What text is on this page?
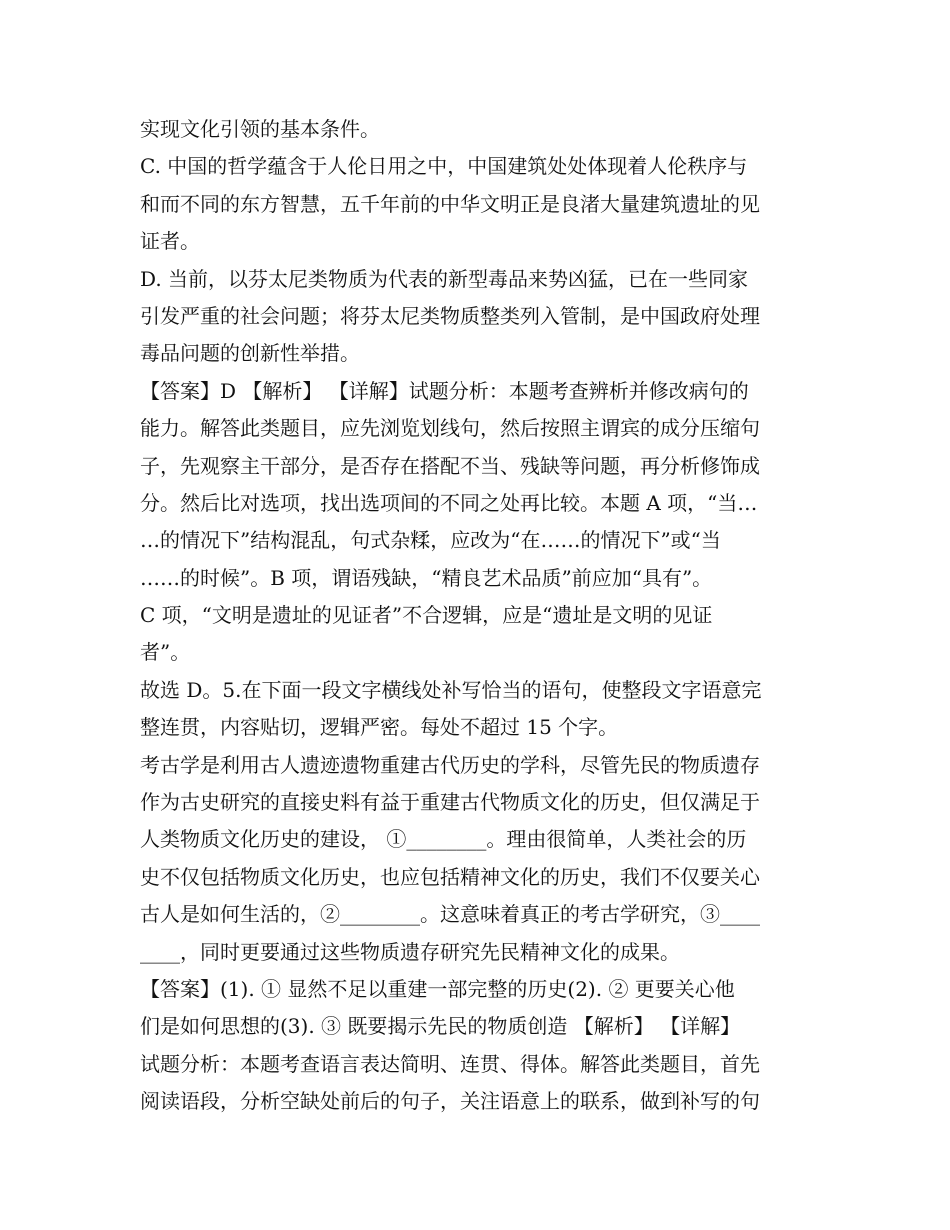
实现文化引领的基本条件。
C. 中国的哲学蕴含于人伦日用之中，中国建筑处处体现着人伦秩序与
和而不同的东方智慧，五千年前的中华文明正是良渚大量建筑遗址的见
证者。
D. 当前，以芬太尼类物质为代表的新型毒品来势凶猛，已在一些同家
引发严重的社会问题；将芬太尼类物质整类列入管制，是中国政府处理
毒品问题的创新性举措。
【答案】D 【解析】 【详解】试题分析：本题考查辨析并修改病句的
能力。解答此类题目，应先浏览划线句，然后按照主谓宾的成分压缩句
子，先观察主干部分，是否存在搭配不当、残缺等问题，再分析修饰成
分。然后比对选项，找出选项间的不同之处再比较。本题 A 项，“当…
…的情况下”结构混乱，句式杂糅，应改为“在……的情况下”或“当
……的时候”。B 项，谓语残缺，“精良艺术品质”前应加“具有”。
C 项，“文明是遗址的见证者”不合逻辑，应是“遗址是文明的见证
者”。
故选 D。5.在下面一段文字横线处补写恰当的语句，使整段文字语意完
整连贯，内容贴切，逻辑严密。每处不超过 15 个字。
考古学是利用古人遗迹遗物重建古代历史的学科，尽管先民的物质遗存
作为古史研究的直接史料有益于重建古代物质文化的历史，但仅满足于
人类物质文化历史的建设， ①________。理由很简单，人类社会的历
史不仅包括物质文化历史，也应包括精神文化的历史，我们不仅要关心
古人是如何生活的，②________。这意味着真正的考古学研究，③____
____，同时更要通过这些物质遗存研究先民精神文化的成果。
【答案】(1). ① 显然不足以重建一部完整的历史(2). ② 更要关心他
们是如何思想的(3). ③ 既要揭示先民的物质创造 【解析】 【详解】
试题分析：本题考查语言表达简明、连贯、得体。解答此类题目，首先
阅读语段，分析空缺处前后的句子，关注语意上的联系，做到补写的句
